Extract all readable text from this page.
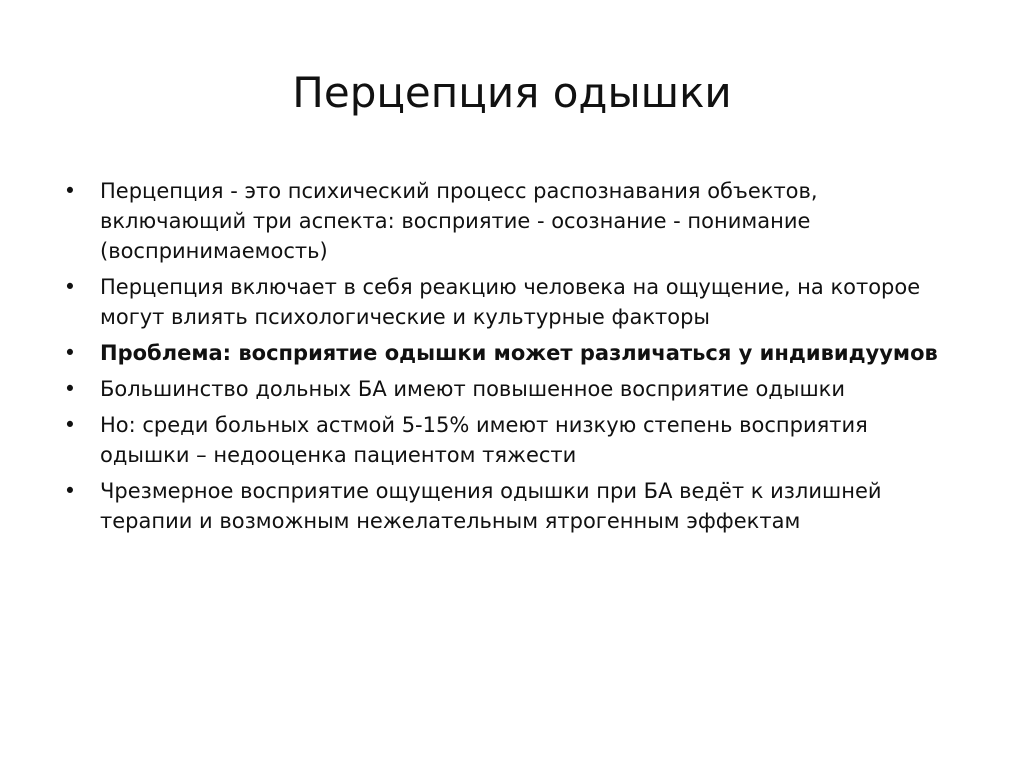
Перцепция одышки
• Перцепция - это психический процесс распознавания объектов, включающий три аспекта: восприятие - осознание - понимание (воспринимаемость)
• Перцепция включает в себя реакцию человека на ощущение, на которое могут влиять психологические и культурные факторы
• Проблема: восприятие одышки может различаться у индивидуумов
• Большинство дольных БА имеют повышенное восприятие одышки
• Но: среди больных астмой 5-15% имеют низкую степень восприятия одышки – недооценка пациентом тяжести
• Чрезмерное восприятие ощущения одышки при БА ведёт к излишней терапии и возможным нежелательным ятрогенным эффектам
